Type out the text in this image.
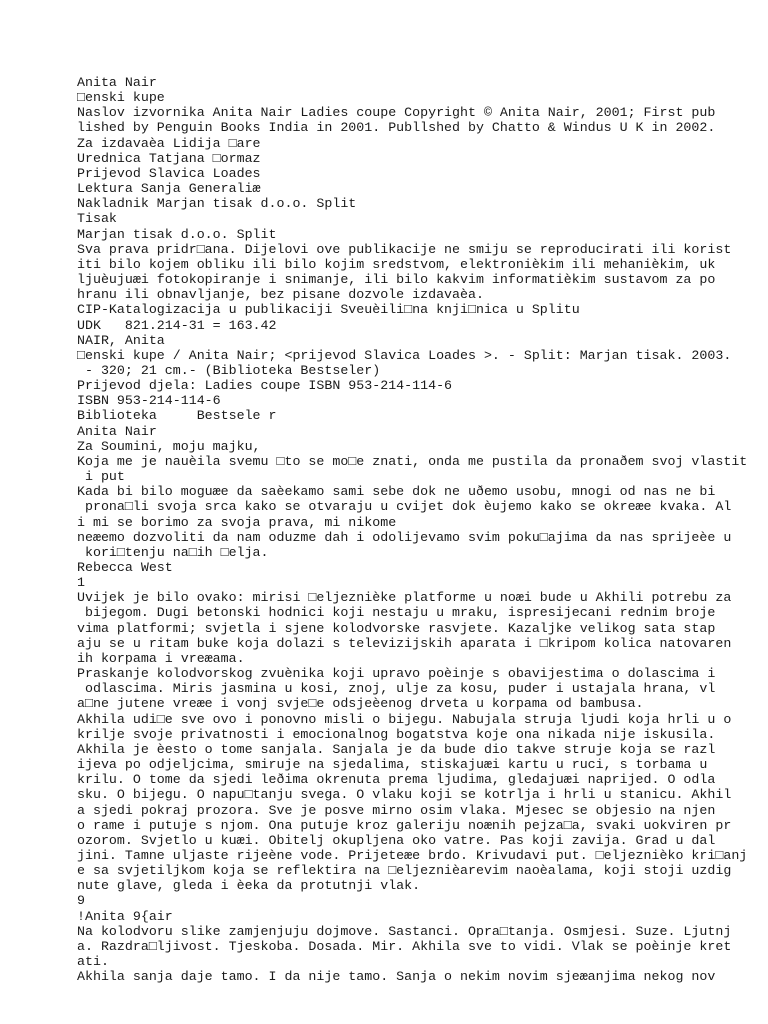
Anita Nair

□enski kupe

Naslov izvornika Anita Nair Ladies coupe Copyright © Anita Nair, 2001; First pub

lished by Penguin Books India in 2001. Publlshed by Chatto & Windus U K in 2002.

Za izdavaèa Lidija □are

Urednica Tatjana □ormaz

Prijevod Slavica Loades

Lektura Sanja Generaliæ

Nakladnik Marjan tisak d.o.o. Split

Tisak

Marjan tisak d.o.o. Split

Sva prava pridr□ana. Dijelovi ove publikacije ne smiju se reproducirati ili korist

iti bilo kojem obliku ili bilo kojim sredstvom, elektronièkim ili mehanièkim, uk

ljuèujuæi fotokopiranje i snimanje, ili bilo kakvim informatièkim sustavom za po

hranu ili obnavljanje, bez pisane dozvole izdavaèa.

CIP-Katalogizacija u publikaciji Sveuèili□na knji□nica u Splitu

UDK   821.214-31 = 163.42

NAIR, Anita

□enski kupe / Anita Nair; <prijevod Slavica Loades >. - Split: Marjan tisak. 2003.

- 320; 21 cm.- (Biblioteka Bestseler)

Prijevod djela: Ladies coupe ISBN 953-214-114-6

ISBN 953-214-114-6

Biblioteka     Bestsele r

Anita Nair

Za Soumini, moju majku,

Koja me je nauèila svemu □to se mo□e znati, onda me pustila da pronaðem svoj vlastit

i put

Kada bi bilo moguæe da saèekamo sami sebe dok ne uðemo usobu, mnogi od nas ne bi

prona□li svoja srca kako se otvaraju u cvijet dok èujemo kako se okreæe kvaka. Al

i mi se borimo za svoja prava, mi nikome

neæemo dozvoliti da nam oduzme dah i odolijevamo svim poku□ajima da nas sprijeèe u

kori□tenju na□ih □elja.

Rebecca West

1

Uvijek je bilo ovako: mirisi □eljeznièke platforme u noæi bude u Akhili potrebu za

bijegom. Dugi betonski hodnici koji nestaju u mraku, ispresijecani rednim broje

vima platformi; svjetla i sjene kolodvorske rasvjete. Kazaljke velikog sata stap

aju se u ritam buke koja dolazi s televizijskih aparata i □kripom kolica natovaren

ih korpama i vreæama.

Praskanje kolodvorskog zvuènika koji upravo poèinje s obavijestima o dolascima i

odlascima. Miris jasmina u kosi, znoj, ulje za kosu, puder i ustajala hrana, vl

a□ne jutene vreæe i vonj svje□e odsjeèenog drveta u korpama od bambusa.

Akhila udi□e sve ovo i ponovno misli o bijegu. Nabujala struja ljudi koja hrli u o

krilje svoje privatnosti i emocionalnog bogatstva koje ona nikada nije iskusila.

Akhila je èesto o tome sanjala. Sanjala je da bude dio takve struje koja se razl

ijeva po odjeljcima, smiruje na sjedalima, stiskajuæi kartu u ruci, s torbama u

krilu. O tome da sjedi leðima okrenuta prema ljudima, gledajuæi naprijed. O odla

sku. O bijegu. O napu□tanju svega. O vlaku koji se kotrlja i hrli u stanicu. Akhil

a sjedi pokraj prozora. Sve je posve mirno osim vlaka. Mjesec se objesio na njen

o rame i putuje s njom. Ona putuje kroz galeriju noænih pejza□a, svaki uokviren pr

ozorom. Svjetlo u kuæi. Obitelj okupljena oko vatre. Pas koji zavija. Grad u dal

jini. Tamne uljaste rijeène vode. Prijeteæe brdo. Krivudavi put. □eljeznièko kri□anj

e sa svjetiljkom koja se reflektira na □eljeznièarevim naoèalama, koji stoji uzdig

nute glave, gleda i èeka da protutnji vlak.

9

!Anita 9{air

Na kolodvoru slike zamjenjuju dojmove. Sastanci. Opra□tanja. Osmjesi. Suze. Ljutnj

a. Razdra□ljivost. Tjeskoba. Dosada. Mir. Akhila sve to vidi. Vlak se poèinje kret

ati.

Akhila sanja daje tamo. I da nije tamo. Sanja o nekim novim sjeæanjima nekog nov
